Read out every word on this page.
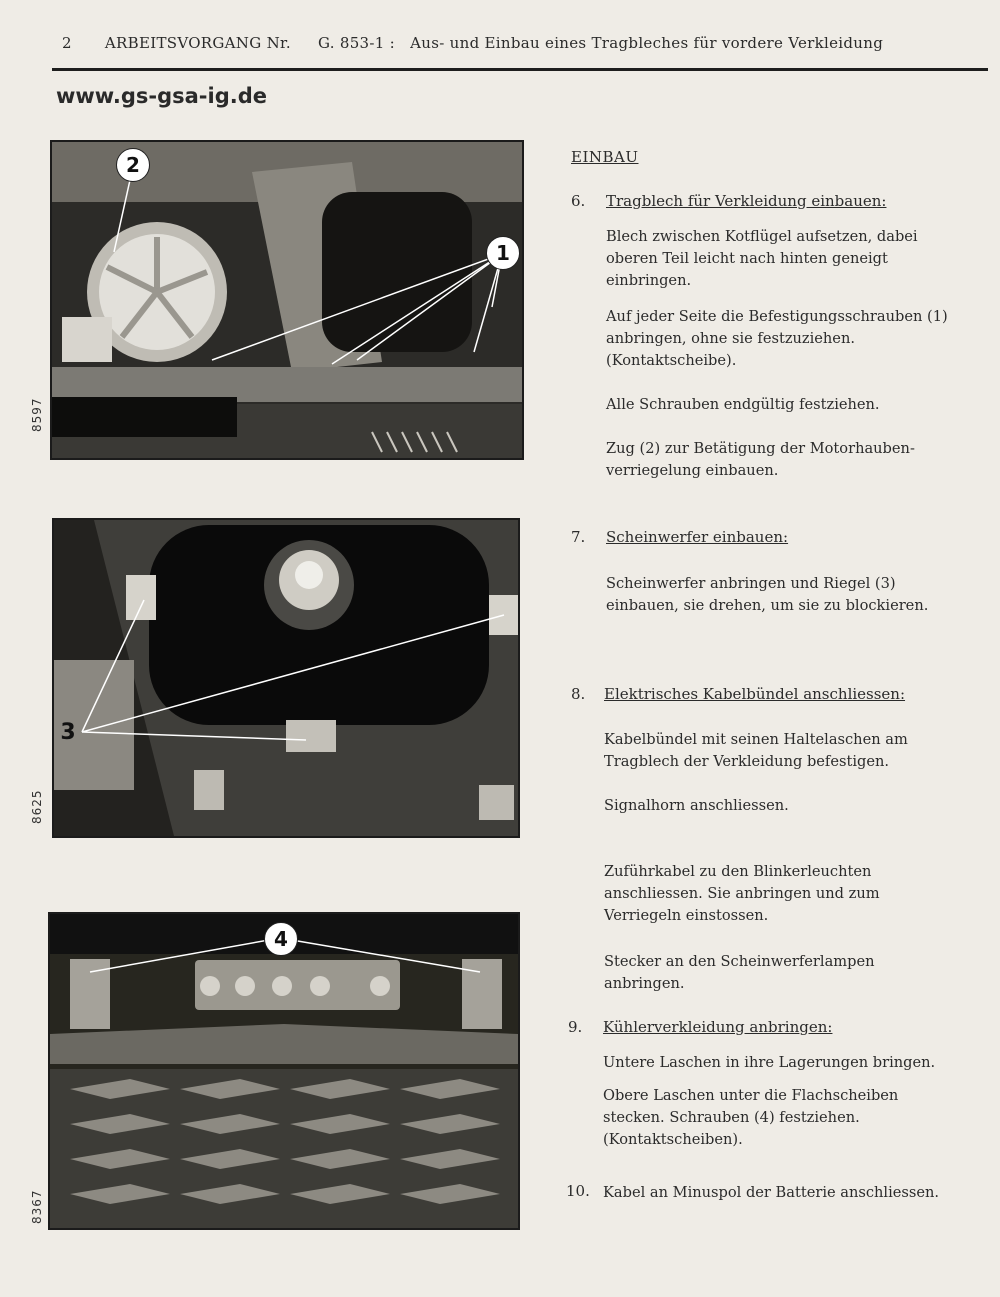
2 ARBEITSVORGANG Nr. G. 853-1 : Aus- und Einbau eines Tragbleches für vordere Verkleidung
www.gs-gsa-ig.de
2
1
8597
3
8625
4
8367
EINBAU
6. Tragblech für Verkleidung einbauen:
Blech zwischen Kotflügel aufsetzen, dabei oberen Teil leicht nach hinten geneigt einbringen.
Auf jeder Seite die Befestigungsschrauben (1) anbringen, ohne sie festzuziehen. (Kontaktscheibe).
Alle Schrauben endgültig festziehen.
Zug (2) zur Betätigung der Motorhauben-verriegelung einbauen.
7. Scheinwerfer einbauen:
Scheinwerfer anbringen und Riegel (3) einbauen, sie drehen, um sie zu blockieren.
8. Elektrisches Kabelbündel anschliessen:
Kabelbündel mit seinen Haltelaschen am Tragblech der Verkleidung befestigen.
Signalhorn anschliessen.
Zuführkabel zu den Blinkerleuchten anschliessen. Sie anbringen und zum Verriegeln einstossen.
Stecker an den Scheinwerferlampen anbringen.
9. Kühlerverkleidung anbringen:
Untere Laschen in ihre Lagerungen bringen.
Obere Laschen unter die Flachscheiben stecken. Schrauben (4) festziehen. (Kontaktscheiben).
10. Kabel an Minuspol der Batterie anschliessen.
